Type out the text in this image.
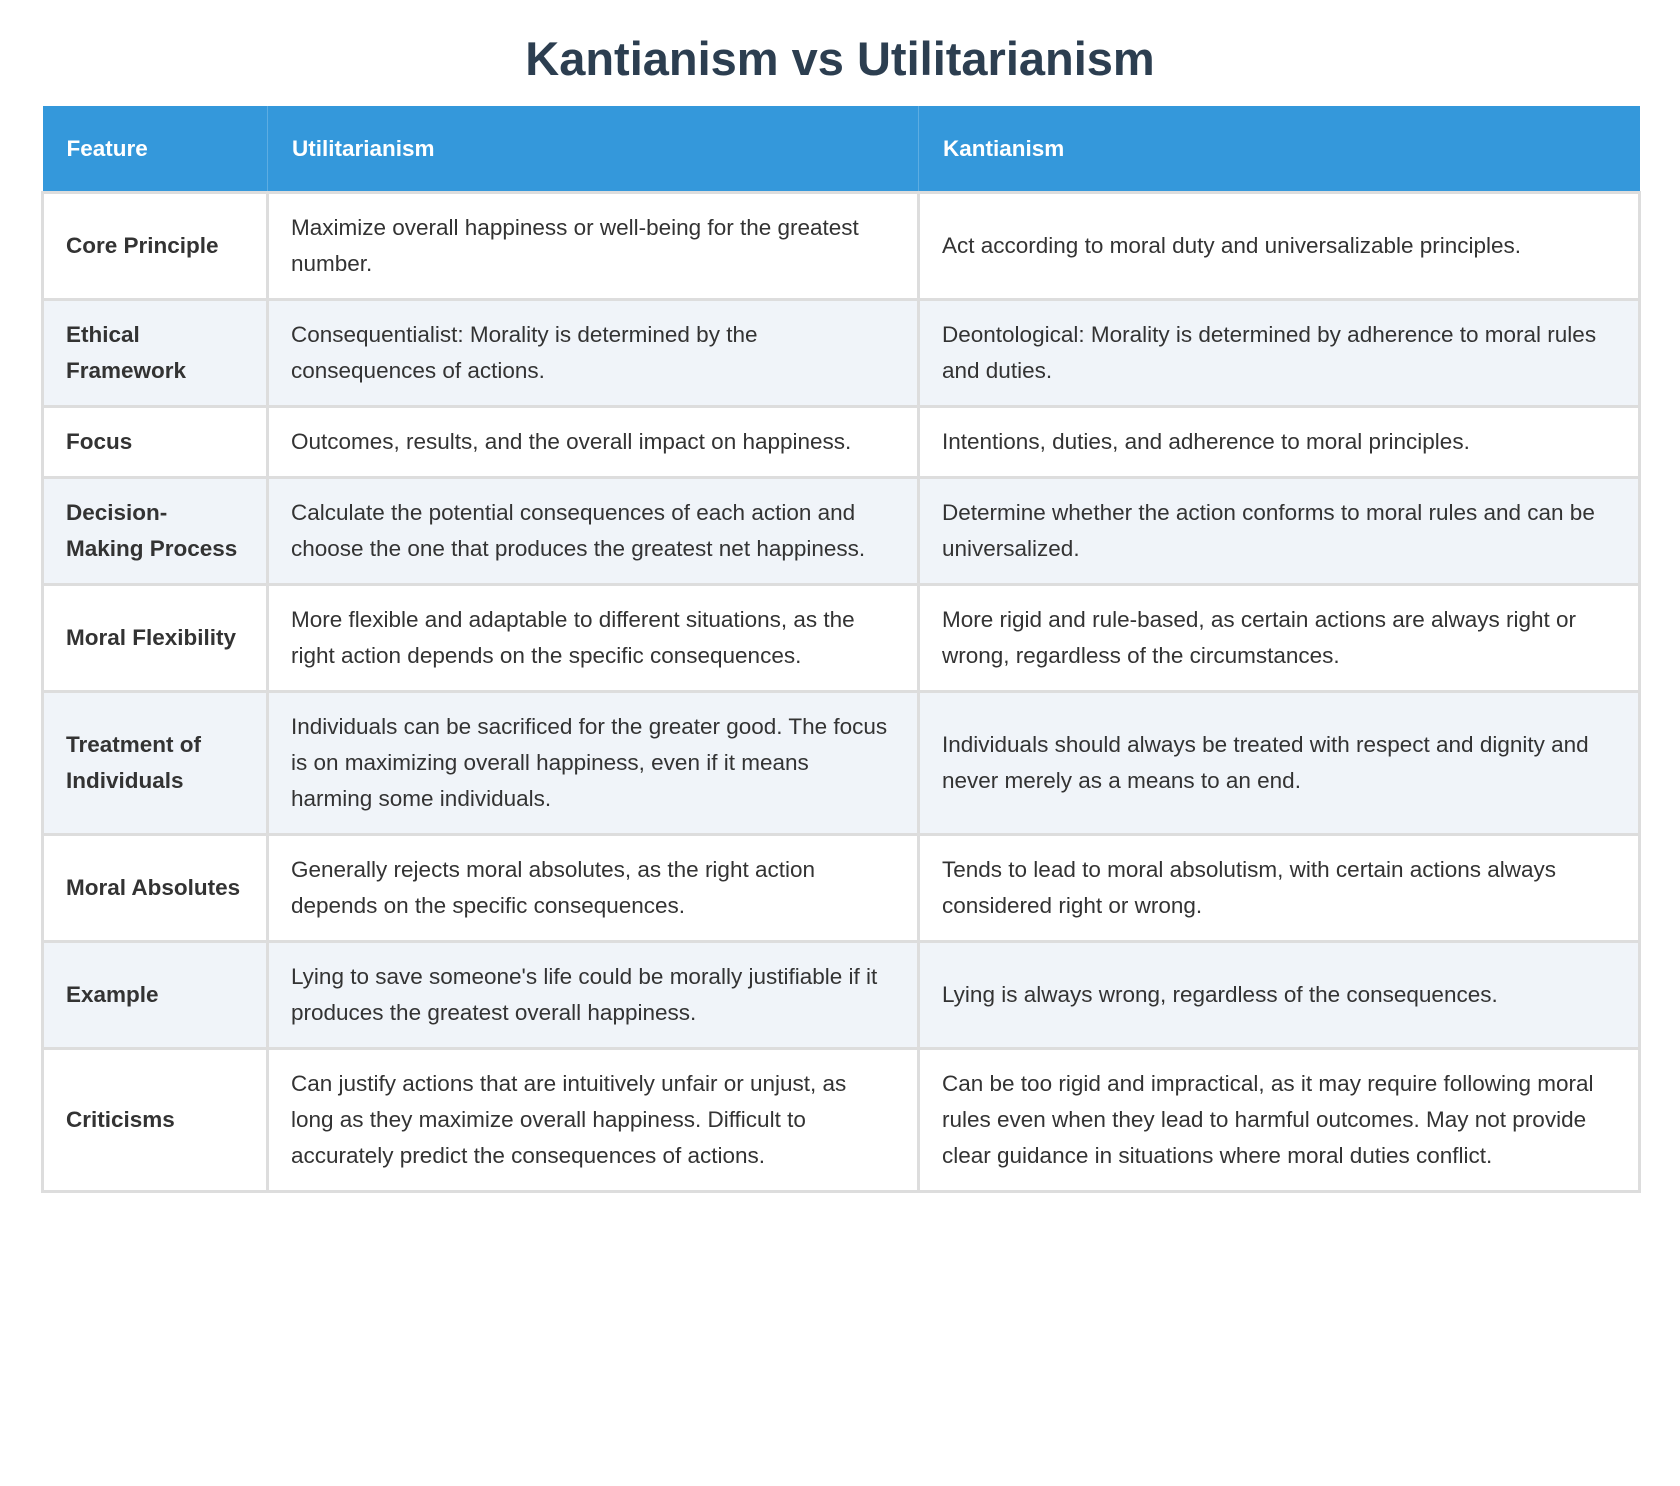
Kantianism vs Utilitarianism
Feature	Utilitarianism	Kantianism
Core Principle	Maximize overall happiness or well-being for the greatest number.	Act according to moral duty and universalizable principles.
Ethical Framework	Consequentialist: Morality is determined by the consequences of actions.	Deontological: Morality is determined by adherence to moral rules and duties.
Focus	Outcomes, results, and the overall impact on happiness.	Intentions, duties, and adherence to moral principles.
Decision-Making Process	Calculate the potential consequences of each action and choose the one that produces the greatest net happiness.	Determine whether the action conforms to moral rules and can be universalized.
Moral Flexibility	More flexible and adaptable to different situations, as the right action depends on the specific consequences.	More rigid and rule-based, as certain actions are always right or wrong, regardless of the circumstances.
Treatment of Individuals	Individuals can be sacrificed for the greater good. The focus is on maximizing overall happiness, even if it means harming some individuals.	Individuals should always be treated with respect and dignity and never merely as a means to an end.
Moral Absolutes	Generally rejects moral absolutes, as the right action depends on the specific consequences.	Tends to lead to moral absolutism, with certain actions always considered right or wrong.
Example	Lying to save someone's life could be morally justifiable if it produces the greatest overall happiness.	Lying is always wrong, regardless of the consequences.
Criticisms	Can justify actions that are intuitively unfair or unjust, as long as they maximize overall happiness. Difficult to accurately predict the consequences of actions.	Can be too rigid and impractical, as it may require following moral rules even when they lead to harmful outcomes. May not provide clear guidance in situations where moral duties conflict.
